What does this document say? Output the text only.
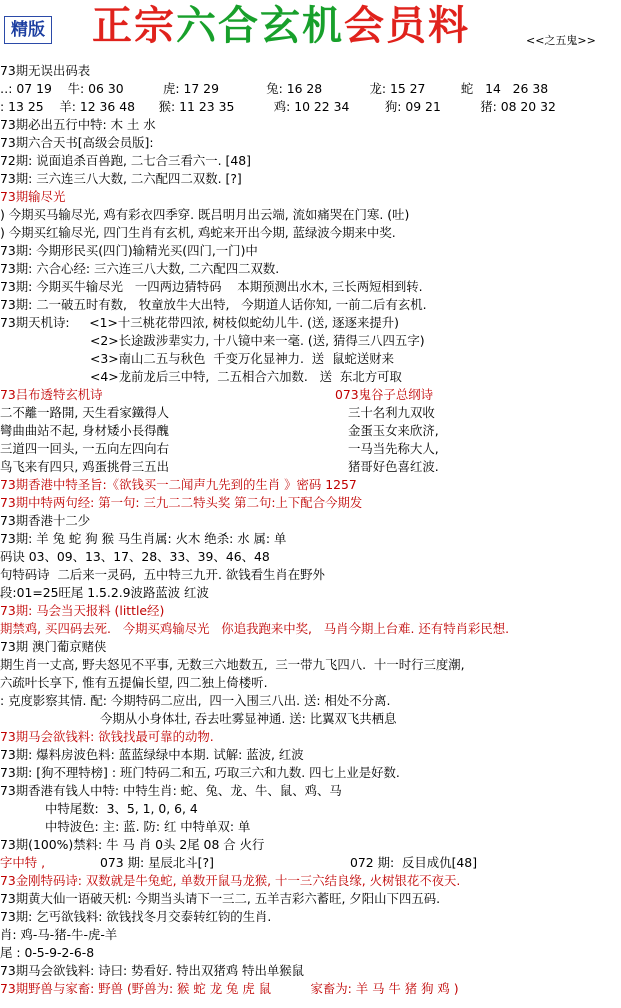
精版 正宗六合玄机会员料	<<之五鬼>>
73期无误出码表
‥: 07 19    牛: 06 30          虎: 17 29            兔: 16 28            龙: 15 27         蛇   14   26 38
: 13 25    羊: 12 36 48      猴: 11 23 35          鸡: 10 22 34         狗: 09 21          猪: 08 20 32
73期必出五行中特: 木 土 水
73期六合天书[高级会员版]:
72期: 说面追杀百兽跑, 二七合三看六一. [48]
73期: 三六连三八大数, 二六配四二双数. [?]
73期输尽光
) 今期买马输尽光, 鸡有彩衣四季穿. 既吕明月出云端, 流如痛哭在门寒. (吐)
) 今期买红输尽光, 四门生肖有玄机, 鸡蛇来开出今期, 蓝绿波今期来中奖.
73期: 今期形民买(四门)输精光买(四门,一门)中
73期: 六合心经: 三六连三八大数, 二六配四二双数.
73期: 今期买牛输尽光   一四两边猜特码    本期预测出水木, 三长两短相到转.
73期: 二一破五时有数,   牧童放牛大出特,   今期道人话你知, 一前二后有玄机.
73期天机诗:     <1>十三桃花带四浓, 树枝似蛇幼儿牛. (送, 逐逐来提升)
<2>长途跋涉辈实力, 十八镜中来一毫. (送, 猜得三八四五字)
<3>南山二五与秋色  千变万化显神力.  送  鼠蛇送财来
<4>龙前龙后三中特,  二五相合六加数.   送  东北方可取
73吕布透特玄机诗	073鬼谷子总纲诗
二不離一路開, 天生看家鐵得人	三十名利九双收
彎曲曲站不起, 身材矮小長得醜	金蛋玉女来欣济,
三道四一回头, 一五向左四向右	一马当先称大人,
鸟飞来有四只, 鸡蛋挑骨三五出	猪哥好色喜红波.
73期香港中特圣旨:《欲钱买一二闻声九先到的生肖 》密码 1257
73期中特两句经: 第一句: 三九二二特头奖 第二句:上下配合今期发
73期香港十二少
73期: 羊 兔 蛇 狗 猴 马生肖属: 火木 绝杀: 水 属: 单
码诀 03、09、13、17、28、33、39、46、48
句特码诗  二后来一灵码,  五中特三九开. 欲钱看生肖在野外
段:01=25旺尾 1.5.2.9波路蓝波 红波
73期: 马会当天报料 (little经)
期禁鸡, 买四码去死.   今期买鸡输尽光   你追我跑来中奖,   马肖今期上台难. 还有特肖彩民想.
73期 澳门葡京赌侠
期生肖一丈高, 野夫怒见不平事, 无数三六地数五,  三一带九飞四八.  十一时行三度潮,
六疏叶长享下, 惟有五提偏长望, 四二独上倚楼听.
: 克度影察其情. 配: 今期特码二应出,  四一入围三八出. 送: 相处不分离.
今期从小身体壮, 吞去吐雾显神通. 送: 比翼双飞共栖息
73期马会欲钱料: 欲钱找最可靠的动物.
73期: 爆料房波色料: 蓝蓝绿绿中本期. 试解: 蓝波, 红波
73期: [狗不理特榜] : 班门特码二和五, 巧取三六和九数. 四七上业是好数.
73期香港有钱人中特: 中特生肖: 蛇、兔、龙、牛、鼠、鸡、马
中特尾数:  3、5, 1, 0, 6, 4
中特波色: 主: 蓝. 防: 红 中特单双: 单
73期(100%)禁料: 牛 马 肖 0头 2尾 08 合 火行
字中特 ,	073 期: 星辰北斗[?]	072 期:  反目成仇[48]
73金刚特码诗: 双数就是牛兔蛇, 单数开鼠马龙猴, 十一三六结良缘, 火树银花不夜天.
73期黄大仙一语破天机: 今期当头请下一三二, 五羊吉彩六蓄旺, 夕阳山下四五码.
73期: 乞丐欲钱料: 欲钱找冬月交泰转红钧的生肖.
肖: 鸡-马-猪-牛-虎-羊
尾 : 0-5-9-2-6-8
73期马会欲钱料: 诗曰: 势看好. 特出双猪鸡 特出单猴鼠
73期野兽与家畜: 野兽 (野兽为: 猴 蛇 龙 兔 虎 鼠          家畜为: 羊 马 牛 猪 狗 鸡 )
